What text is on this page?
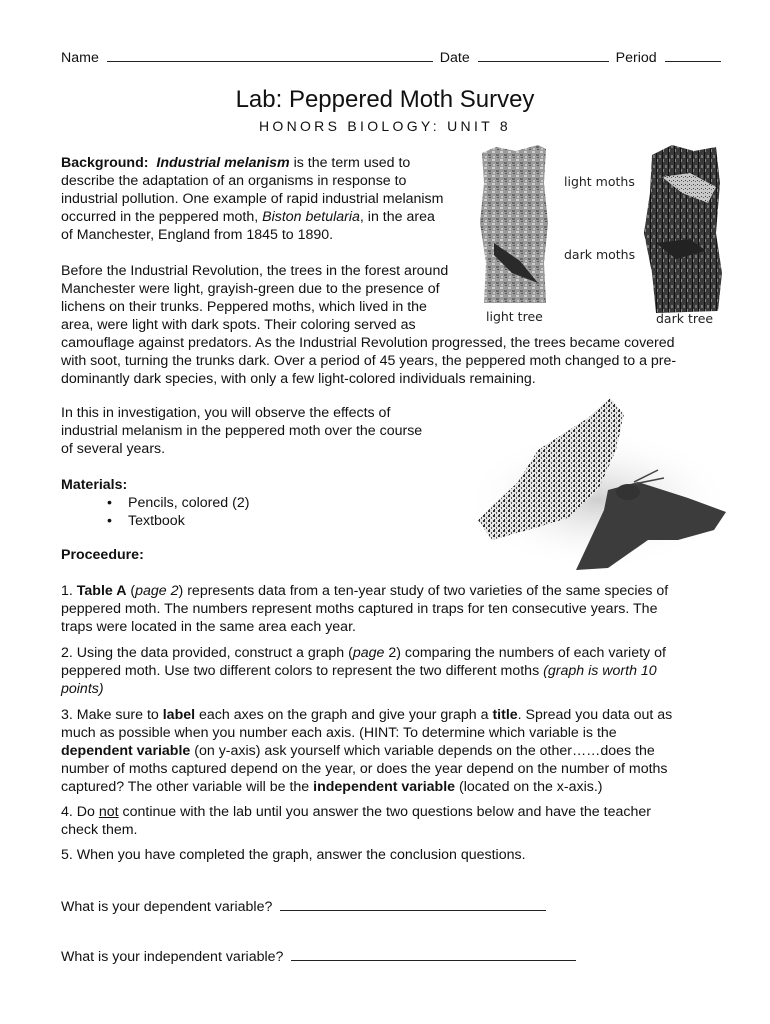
Name	Date	Period
Lab: Peppered Moth Survey
HONORS BIOLOGY: UNIT 8
Background: Industrial melanism is the term used to
describe the adaptation of an organisms in response to
industrial pollution. One example of rapid industrial melanism
occurred in the peppered moth, Biston betularia, in the area
of Manchester, England from 1845 to 1890.
Before the Industrial Revolution, the trees in the forest around
Manchester were light, grayish-green due to the presence of
lichens on their trunks. Peppered moths, which lived in the
area, were light with dark spots. Their coloring served as
camouflage against predators. As the Industrial Revolution progressed, the trees became covered
with soot, turning the trunks dark. Over a period of 45 years, the peppered moth changed to a pre-
dominantly dark species, with only a few light-colored individuals remaining.
light moths
dark moths
light tree	dark tree
In this in investigation, you will observe the effects of
industrial melanism in the peppered moth over the course
of several years.
Materials:
• Pencils, colored (2)
• Textbook
Proceedure:
1. Table A (page 2) represents data from a ten-year study of two varieties of the same species of
peppered moth. The numbers represent moths captured in traps for ten consecutive years. The
traps were located in the same area each year.
2. Using the data provided, construct a graph (page 2) comparing the numbers of each variety of
peppered moth. Use two different colors to represent the two different moths (graph is worth 10
points)
3. Make sure to label each axes on the graph and give your graph a title. Spread you data out as
much as possible when you number each axis. (HINT: To determine which variable is the
dependent variable (on y-axis) ask yourself which variable depends on the other……does the
number of moths captured depend on the year, or does the year depend on the number of moths
captured? The other variable will be the independent variable (located on the x-axis.)
4. Do not continue with the lab until you answer the two questions below and have the teacher
check them.
5. When you have completed the graph, answer the conclusion questions.
What is your dependent variable?
What is your independent variable?
